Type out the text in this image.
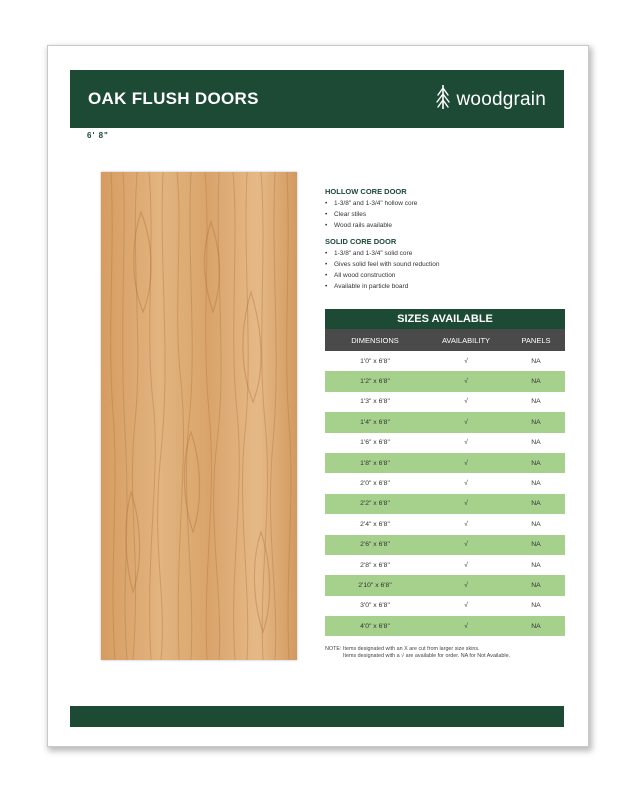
OAK FLUSH DOORS	woodgrain
6' 8"
HOLLOW CORE DOOR
• 1-3/8" and 1-3/4" hollow core
• Clear stiles
• Wood rails available
SOLID CORE DOOR
• 1-3/8" and 1-3/4" solid core
• Gives solid feel with sound reduction
• All wood construction
• Available in particle board
SIZES AVAILABLE
DIMENSIONS	AVAILABILITY	PANELS
1'0" x 6'8"	√	NA
1'2" x 6'8"	√	NA
1'3" x 6'8"	√	NA
1'4" x 6'8"	√	NA
1'6" x 6'8"	√	NA
1'8" x 6'8"	√	NA
2'0" x 6'8"	√	NA
2'2" x 6'8"	√	NA
2'4" x 6'8"	√	NA
2'6" x 6'8"	√	NA
2'8" x 6'8"	√	NA
2'10" x 6'8"	√	NA
3'0" x 6'8"	√	NA
4'0" x 6'8"	√	NA
NOTE: Items designated with an X are cut from larger size skins.
Items designated with a √ are available for order. NA for Not Available.
